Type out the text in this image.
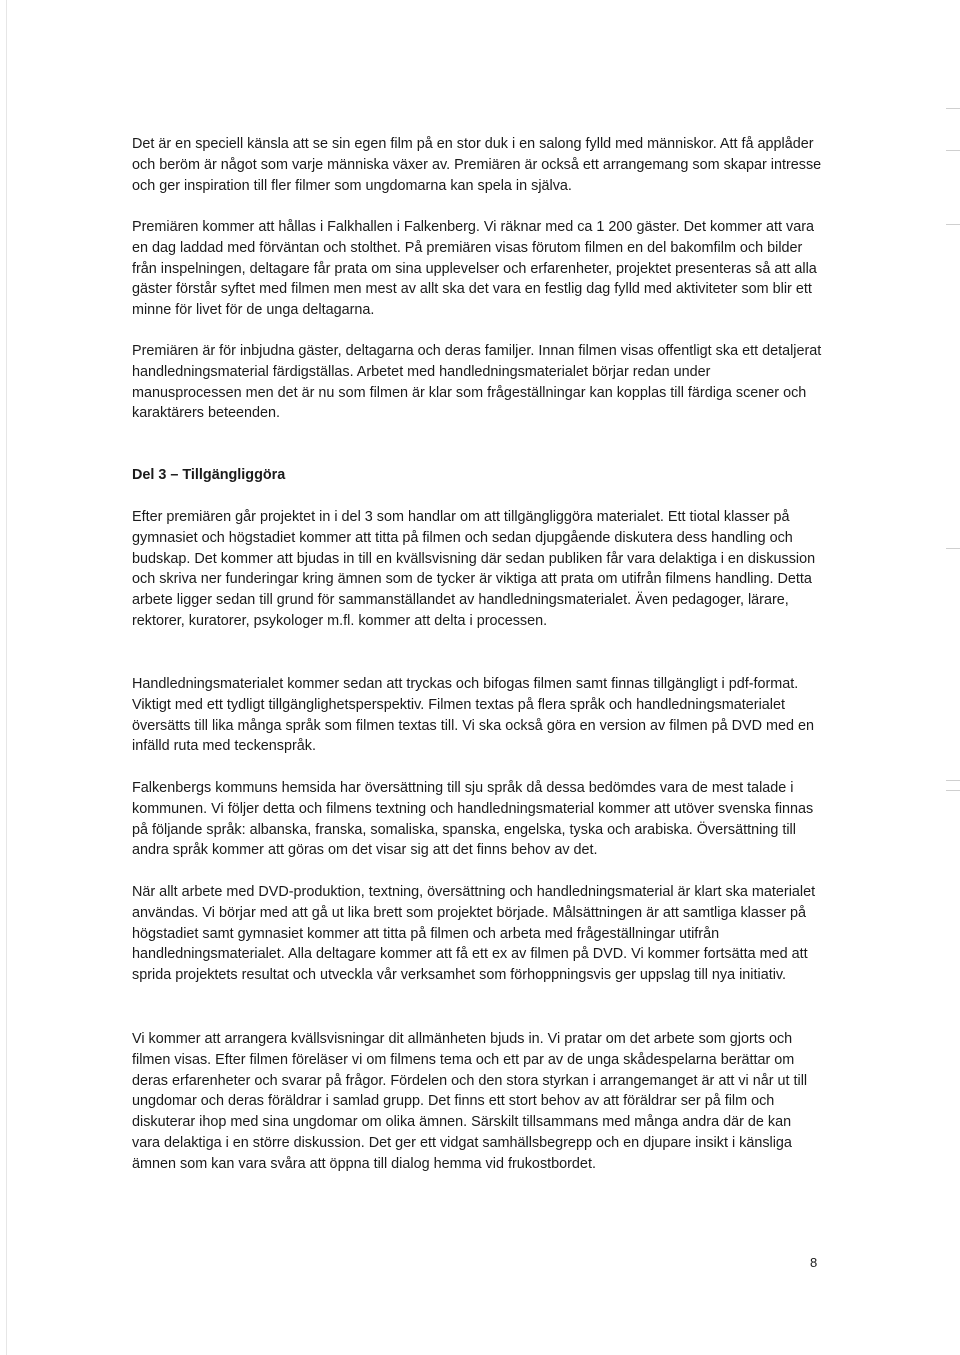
Det är en speciell känsla att se sin egen film på en stor duk i en salong fylld med människor. Att få applåder och beröm är något som varje människa växer av. Premiären är också ett arrangemang som skapar intresse och ger inspiration till fler filmer som ungdomarna kan spela in själva.

Premiären kommer att hållas i Falkhallen i Falkenberg. Vi räknar med ca 1 200 gäster. Det kommer att vara en dag laddad med förväntan och stolthet. På premiären visas förutom filmen en del bakomfilm och bilder från inspelningen, deltagare får prata om sina upplevelser och erfarenheter, projektet presenteras så att alla gäster förstår syftet med filmen men mest av allt ska det vara en festlig dag fylld med aktiviteter som blir ett minne för livet för de unga deltagarna.

Premiären är för inbjudna gäster, deltagarna och deras familjer. Innan filmen visas offentligt ska ett detaljerat handledningsmaterial färdigställas. Arbetet med handledningsmaterialet börjar redan under manusprocessen men det är nu som filmen är klar som frågeställningar kan kopplas till färdiga scener och karaktärers beteenden.

Del 3 – Tillgängliggöra

Efter premiären går projektet in i del 3 som handlar om att tillgängliggöra materialet. Ett tiotal klasser på gymnasiet och högstadiet kommer att titta på filmen och sedan djupgående diskutera dess handling och budskap. Det kommer att bjudas in till en kvällsvisning där sedan publiken får vara delaktiga i en diskussion och skriva ner funderingar kring ämnen som de tycker är viktiga att prata om utifrån filmens handling. Detta arbete ligger sedan till grund för sammanställandet av handledningsmaterialet. Även pedagoger, lärare, rektorer, kuratorer, psykologer m.fl. kommer att delta i processen.

Handledningsmaterialet kommer sedan att tryckas och bifogas filmen samt finnas tillgängligt i pdf-format. Viktigt med ett tydligt tillgänglighetsperspektiv. Filmen textas på flera språk och handledningsmaterialet översätts till lika många språk som filmen textas till. Vi ska också göra en version av filmen på DVD med en infälld ruta med teckenspråk.

Falkenbergs kommuns hemsida har översättning till sju språk då dessa bedömdes vara de mest talade i kommunen. Vi följer detta och filmens textning och handledningsmaterial kommer att utöver svenska finnas på följande språk: albanska, franska, somaliska, spanska, engelska, tyska och arabiska. Översättning till andra språk kommer att göras om det visar sig att det finns behov av det.

När allt arbete med DVD-produktion, textning, översättning och handledningsmaterial är klart ska materialet användas. Vi börjar med att gå ut lika brett som projektet började. Målsättningen är att samtliga klasser på högstadiet samt gymnasiet kommer att titta på filmen och arbeta med frågeställningar utifrån handledningsmaterialet. Alla deltagare kommer att få ett ex av filmen på DVD. Vi kommer fortsätta med att sprida projektets resultat och utveckla vår verksamhet som förhoppningsvis ger uppslag till nya initiativ.

Vi kommer att arrangera kvällsvisningar dit allmänheten bjuds in. Vi pratar om det arbete som gjorts och filmen visas. Efter filmen föreläser vi om filmens tema och ett par av de unga skådespelarna berättar om deras erfarenheter och svarar på frågor. Fördelen och den stora styrkan i arrangemanget är att vi når ut till ungdomar och deras föräldrar i samlad grupp. Det finns ett stort behov av att föräldrar ser på film och diskuterar ihop med sina ungdomar om olika ämnen. Särskilt tillsammans med många andra där de kan vara delaktiga i en större diskussion. Det ger ett vidgat samhällsbegrepp och en djupare insikt i känsliga ämnen som kan vara svåra att öppna till dialog hemma vid frukostbordet.

8
